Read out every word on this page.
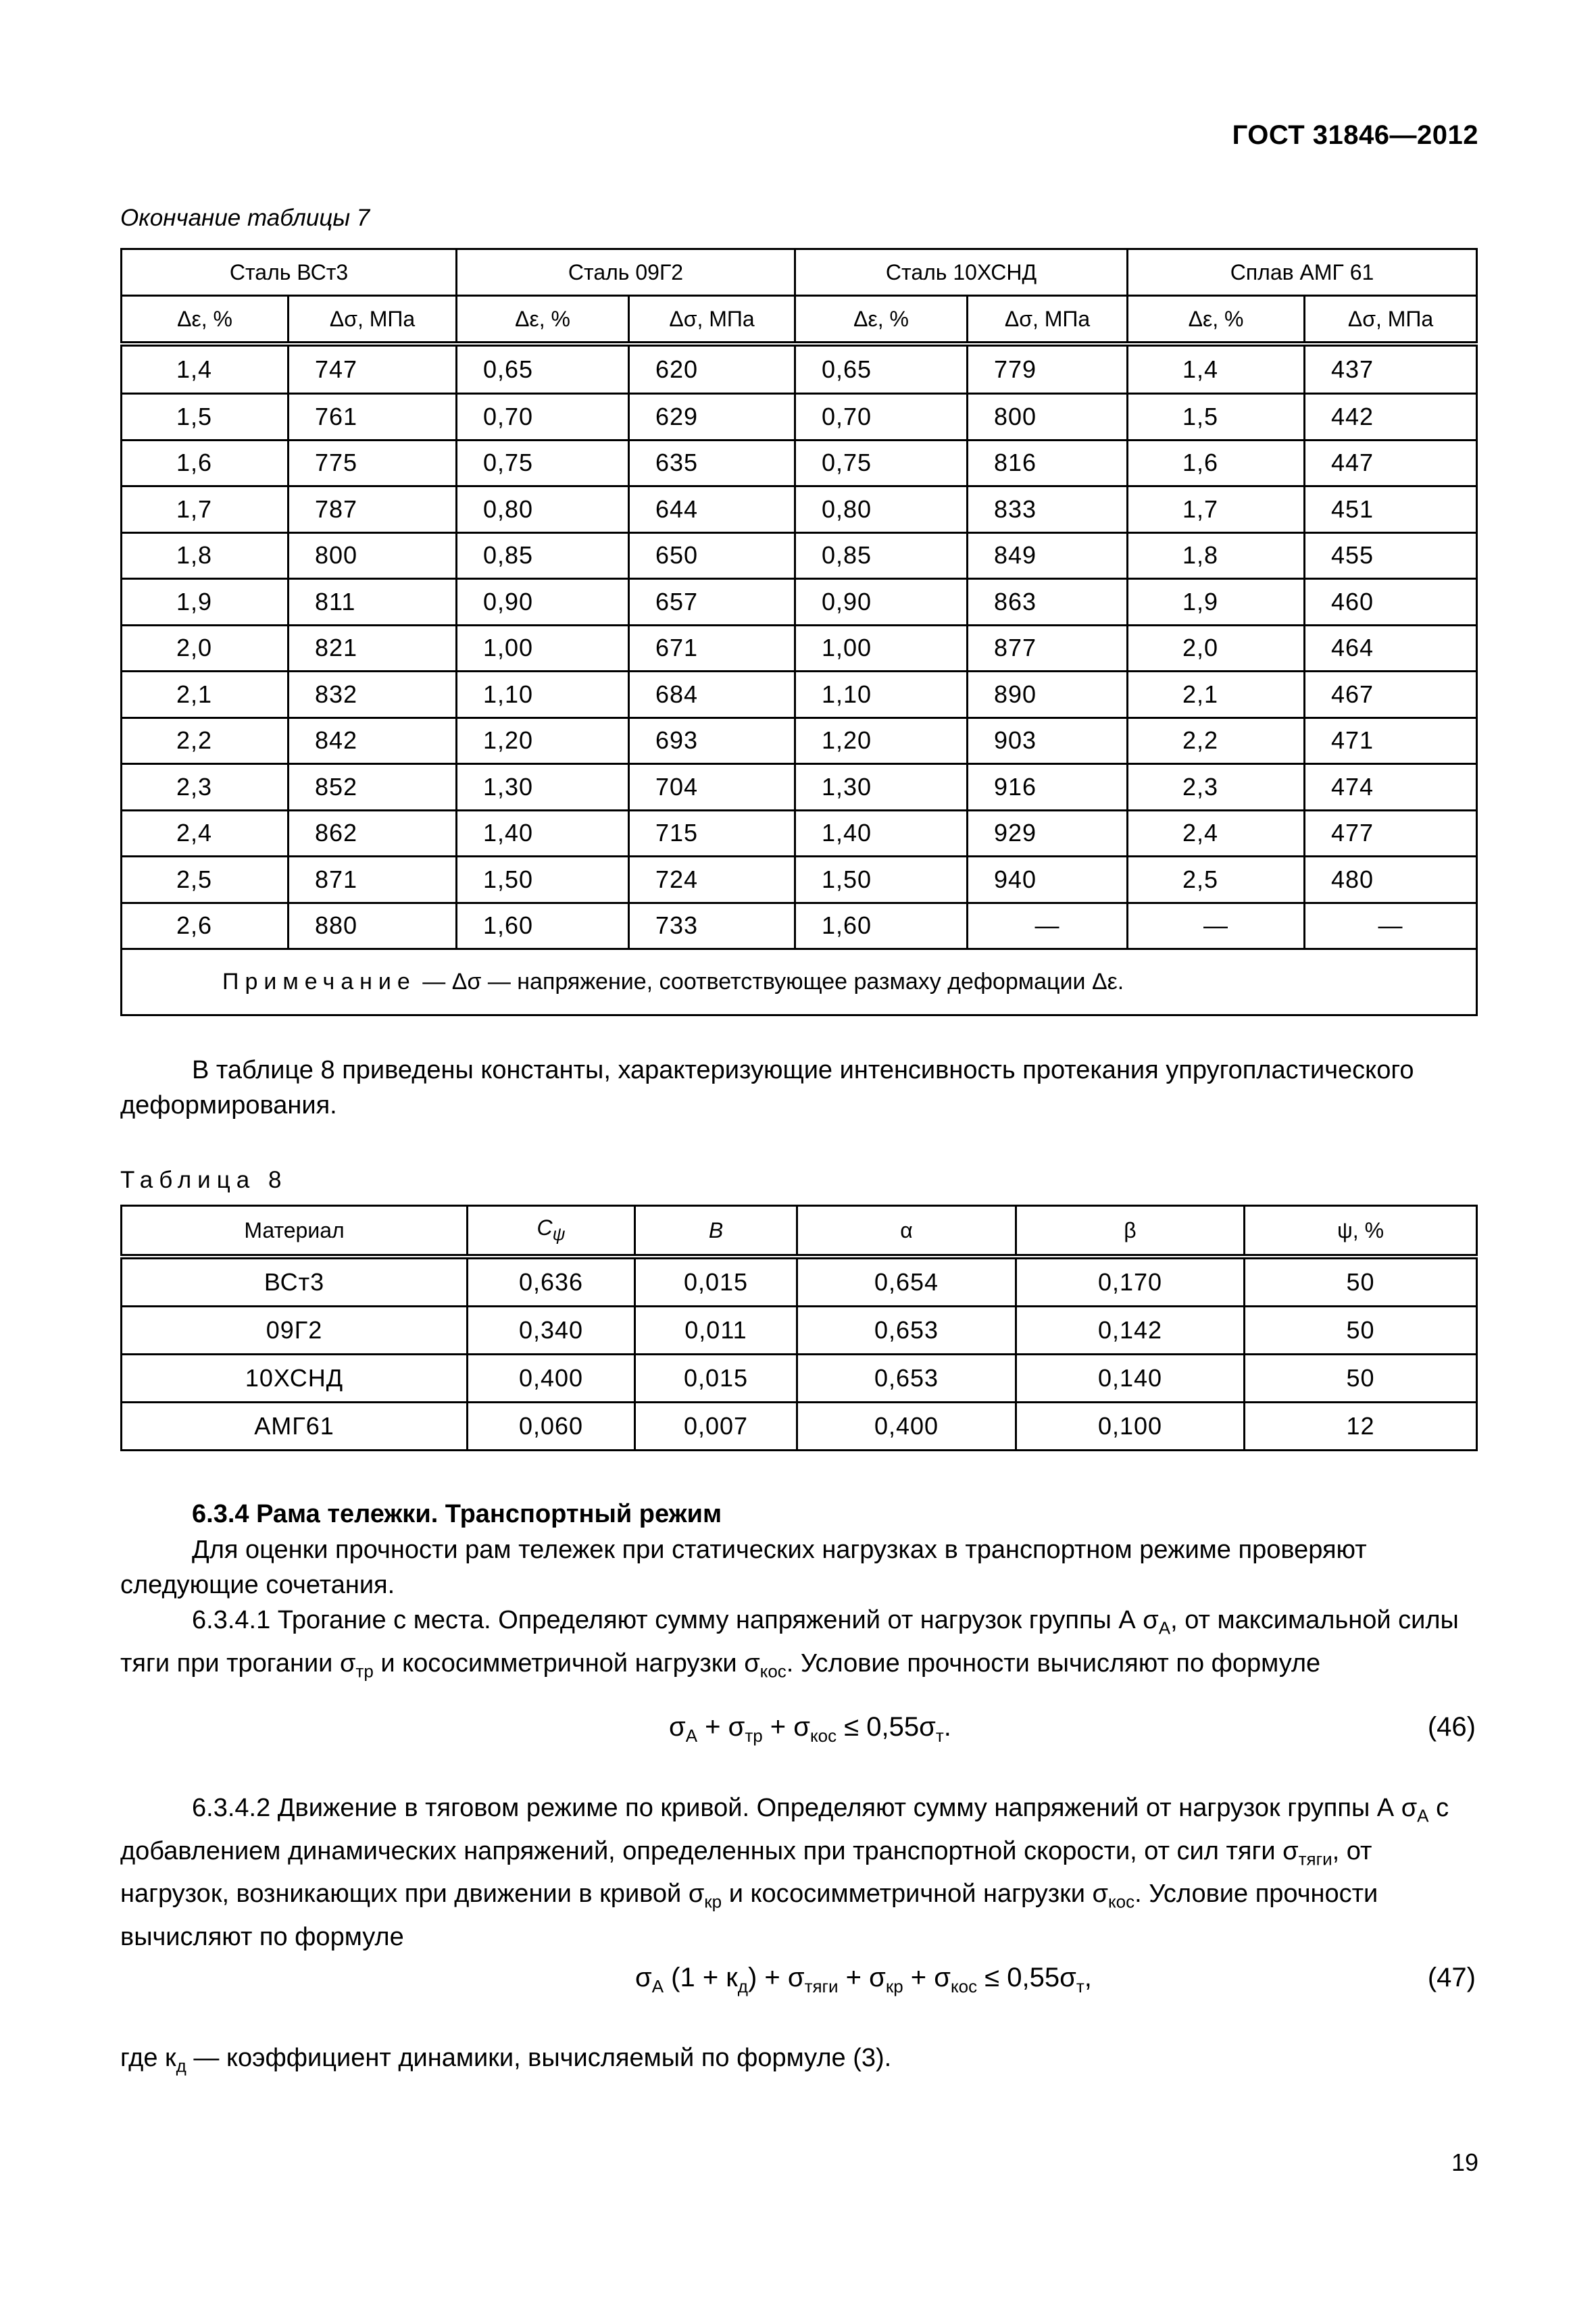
ГОСТ 31846—2012
Окончание таблицы 7
Сталь ВСт3		Сталь 09Г2		Сталь 10ХСНД		Сплав АМГ 61	
Δε, %	Δσ, МПа	Δε, %	Δσ, МПа	Δε, %	Δσ, МПа	Δε, %	Δσ, МПа
1,4	747	0,65	620	0,65	779	1,4	437
1,5	761	0,70	629	0,70	800	1,5	442
1,6	775	0,75	635	0,75	816	1,6	447
1,7	787	0,80	644	0,80	833	1,7	451
1,8	800	0,85	650	0,85	849	1,8	455
1,9	811	0,90	657	0,90	863	1,9	460
2,0	821	1,00	671	1,00	877	2,0	464
2,1	832	1,10	684	1,10	890	2,1	467
2,2	842	1,20	693	1,20	903	2,2	471
2,3	852	1,30	704	1,30	916	2,3	474
2,4	862	1,40	715	1,40	929	2,4	477
2,5	871	1,50	724	1,50	940	2,5	480
2,6	880	1,60	733	1,60	—	—	—
Примечание — Δσ — напряжение, соответствующее размаху деформации Δε.							
В таблице 8 приведены константы, характеризующие интенсивность протекания упругопластического деформирования.
Таблица 8
Материал	$C_\psi$	B	α	β	ψ, %
ВСт3	0,636	0,015	0,654	0,170	50
09Г2	0,340	0,011	0,653	0,142	50
10ХСНД	0,400	0,015	0,653	0,140	50
АМГ61	0,060	0,007	0,400	0,100	12
6.3.4 Рама тележки. Транспортный режим
Для оценки прочности рам тележек при статических нагрузках в транспортном режиме проверяют следующие сочетания.
6.3.4.1 Трогание с места. Определяют сумму напряжений от нагрузок группы А $\sigma_А$, от максимальной силы тяги при трогании $\sigma_{тр}$ и кососимметричной нагрузки $\sigma_{кос}$. Условие прочности вычисляют по формуле
$\sigma_А + \sigma_{тр} + \sigma_{кос} \le 0,55\sigma_т$.	(46)
6.3.4.2 Движение в тяговом режиме по кривой. Определяют сумму напряжений от нагрузок группы А $\sigma_А$ с добавлением динамических напряжений, определенных при транспортной скорости, от сил тяги $\sigma_{тяги}$, от нагрузок, возникающих при движении в кривой $\sigma_{кр}$ и кососимметричной нагрузки $\sigma_{кос}$. Условие прочности вычисляют по формуле
$\sigma_А$ $(1 + к_д) + \sigma_{тяги} + \sigma_{кр} + \sigma_{кос} \le 0,55\sigma_т$,	(47)
где $к_д$ — коэффициент динамики, вычисляемый по формуле (3).
19
